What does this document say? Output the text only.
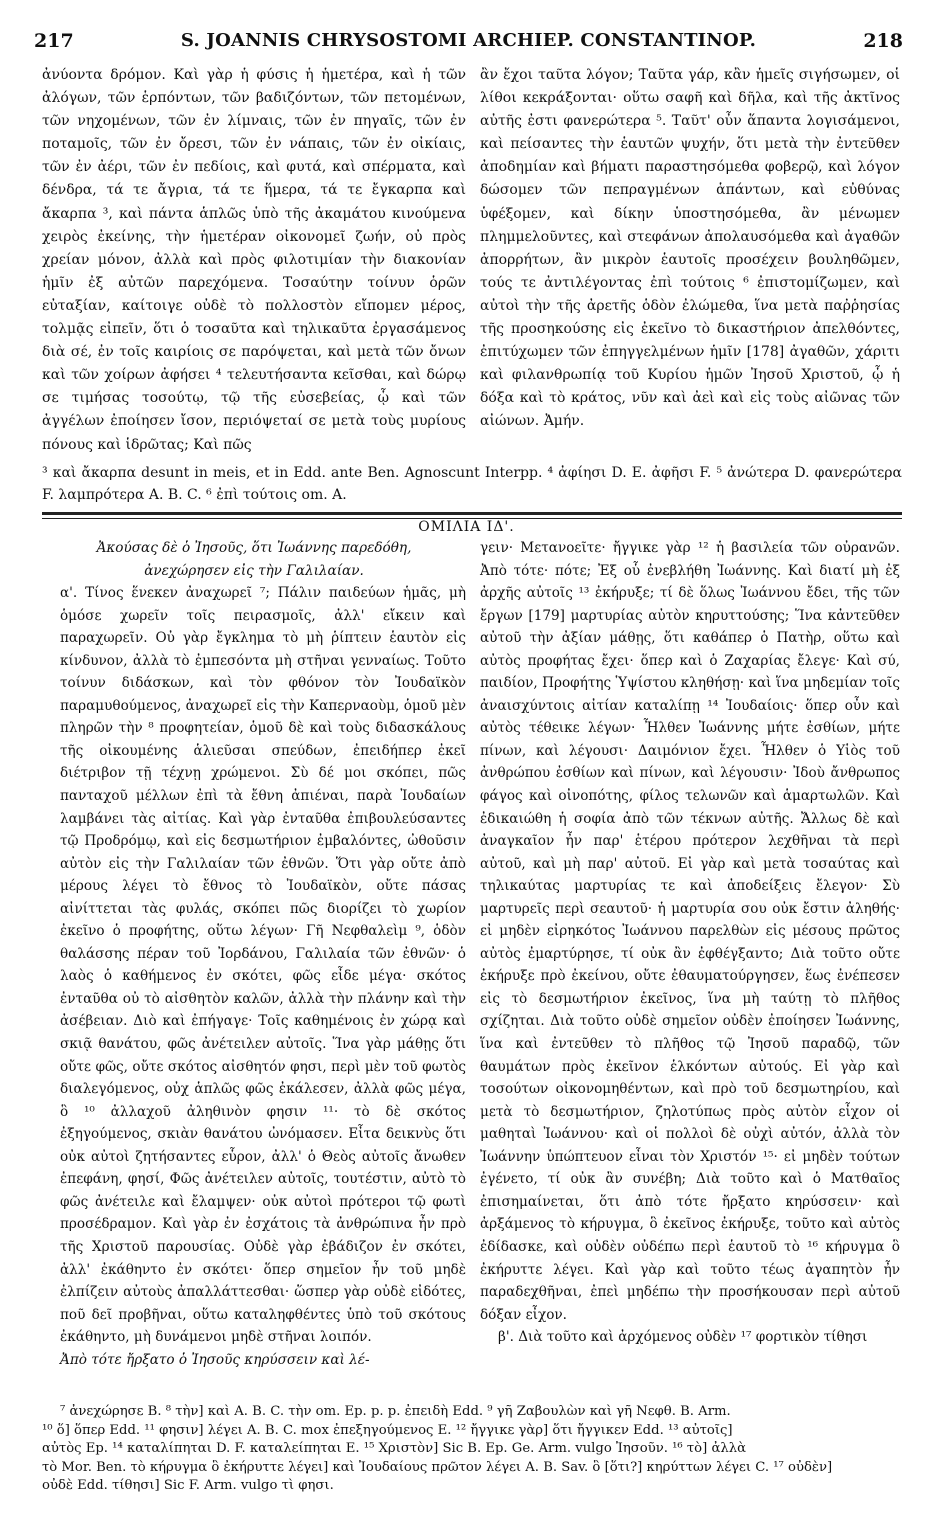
217	S. JOANNIS CHRYSOSTOMI ARCHIEP. CONSTANTINOP.	218

ἀνύοντα δρόμον. Καὶ γὰρ ἡ φύσις ἡ ἡμετέρα, καὶ ἡ τῶν ἀλόγων, τῶν ἑρπόντων, τῶν βαδιζόντων, τῶν πετομένων, τῶν νηχομένων, τῶν ἐν λίμναις, τῶν ἐν πηγαῖς, τῶν ἐν ποταμοῖς, τῶν ἐν ὄρεσι, τῶν ἐν νάπαις, τῶν ἐν οἰκίαις, τῶν ἐν ἀέρι, τῶν ἐν πεδίοις, καὶ φυτά, καὶ σπέρματα, καὶ δένδρα, τά τε ἄγρια, τά τε ἥμερα, τά τε ἔγκαρπα καὶ ἄκαρπα ³, καὶ πάντα ἁπλῶς ὑπὸ τῆς ἀκαμάτου κινούμενα χειρὸς ἐκείνης, τὴν ἡμετέραν οἰκονομεῖ ζωήν, οὐ πρὸς χρείαν μόνον, ἀλλὰ καὶ πρὸς φιλοτιμίαν τὴν διακονίαν ἡμῖν ἐξ αὐτῶν παρεχόμενα. Τοσαύτην τοίνυν ὁρῶν εὐταξίαν, καίτοιγε οὐδὲ τὸ πολλοστὸν εἴπομεν μέρος, τολμᾷς εἰπεῖν, ὅτι ὁ τοσαῦτα καὶ τηλικαῦτα ἐργασάμενος διὰ σέ, ἐν τοῖς καιρίοις σε παρόψεται, καὶ μετὰ τῶν ὄνων καὶ τῶν χοίρων ἀφήσει ⁴ τελευτήσαντα κεῖσθαι, καὶ δώρῳ σε τιμήσας τοσούτῳ, τῷ τῆς εὐσεβείας, ᾧ καὶ τῶν ἀγγέλων ἐποίησεν ἴσον, περιόψεταί σε μετὰ τοὺς μυρίους πόνους καὶ ἱδρῶτας; Καὶ πῶς

ἂν ἔχοι ταῦτα λόγον; Ταῦτα γάρ, κἂν ἡμεῖς σιγήσωμεν, οἱ λίθοι κεκράξονται· οὕτω σαφῆ καὶ δῆλα, καὶ τῆς ἀκτῖνος αὐτῆς ἐστι φανερώτερα ⁵. Ταῦτ' οὖν ἅπαντα λογισάμενοι, καὶ πείσαντες τὴν ἑαυτῶν ψυχήν, ὅτι μετὰ τὴν ἐντεῦθεν ἀποδημίαν καὶ βήματι παραστησόμεθα φοβερῷ, καὶ λόγον δώσομεν τῶν πεπραγμένων ἁπάντων, καὶ εὐθύνας ὑφέξομεν, καὶ δίκην ὑποστησόμεθα, ἂν μένωμεν πλημμελοῦντες, καὶ στεφάνων ἀπολαυσόμεθα καὶ ἀγαθῶν ἀπορρήτων, ἂν μικρὸν ἑαυτοῖς προσέχειν βουληθῶμεν, τούς τε ἀντιλέγοντας ἐπὶ τούτοις ⁶ ἐπιστομίζωμεν, καὶ αὐτοὶ τὴν τῆς ἀρετῆς ὁδὸν ἐλώμεθα, ἵνα μετὰ παῤῥησίας τῆς προσηκούσης εἰς ἐκεῖνο τὸ δικαστήριον ἀπελθόντες, ἐπιτύχωμεν τῶν ἐπηγγελμένων ἡμῖν [178] ἀγαθῶν, χάριτι καὶ φιλανθρωπίᾳ τοῦ Κυρίου ἡμῶν Ἰησοῦ Χριστοῦ, ᾧ ἡ δόξα καὶ τὸ κράτος, νῦν καὶ ἀεὶ καὶ εἰς τοὺς αἰῶνας τῶν αἰώνων. Ἀμήν.

³ καὶ ἄκαρπα desunt in meis, et in Edd. ante Ben. Agnoscunt Interpp. ⁴ ἀφίησι D. E. ἀφῆσι F. ⁵ ἀνώτερα D. φανερώτερα F. λαμπρότερα A. B. C. ⁶ ἐπὶ τούτοις om. A.
ΟΜΙΛΙΑ ΙΔ'.

Ἀκούσας δὲ ὁ Ἰησοῦς, ὅτι Ἰωάννης παρεδόθη, ἀνεχώρησεν εἰς τὴν Γαλιλαίαν.

α'. Τίνος ἕνεκεν ἀναχωρεῖ ⁷; Πάλιν παιδεύων ἡμᾶς, μὴ ὁμόσε χωρεῖν τοῖς πειρασμοῖς, ἀλλ' εἴκειν καὶ παραχωρεῖν. Οὐ γὰρ ἔγκλημα τὸ μὴ ῥίπτειν ἑαυτὸν εἰς κίνδυνον, ἀλλὰ τὸ ἐμπεσόντα μὴ στῆναι γενναίως. Τοῦτο τοίνυν διδάσκων, καὶ τὸν φθόνον τὸν Ἰουδαϊκὸν παραμυθούμενος, ἀναχωρεῖ εἰς τὴν Καπερναοὺμ, ὁμοῦ μὲν πληρῶν τὴν ⁸ προφητείαν, ὁμοῦ δὲ καὶ τοὺς διδασκάλους τῆς οἰκουμένης ἁλιεῦσαι σπεύδων, ἐπειδήπερ ἐκεῖ διέτριβον τῇ τέχνῃ χρώμενοι. Σὺ δέ μοι σκόπει, πῶς πανταχοῦ μέλλων ἐπὶ τὰ ἔθνη ἀπιέναι, παρὰ Ἰουδαίων λαμβάνει τὰς αἰτίας. Καὶ γὰρ ἐνταῦθα ἐπιβουλεύσαντες τῷ Προδρόμῳ, καὶ εἰς δεσμωτήριον ἐμβαλόντες, ὠθοῦσιν αὐτὸν εἰς τὴν Γαλιλαίαν τῶν ἐθνῶν. Ὅτι γὰρ οὔτε ἀπὸ μέρους λέγει τὸ ἔθνος τὸ Ἰουδαϊκὸν, οὔτε πάσας αἰνίττεται τὰς φυλάς, σκόπει πῶς διορίζει τὸ χωρίον ἐκεῖνο ὁ προφήτης, οὕτω λέγων· Γῆ Νεφθαλεὶμ ⁹, ὁδὸν θαλάσσης πέραν τοῦ Ἰορδάνου, Γαλιλαία τῶν ἐθνῶν· ὁ λαὸς ὁ καθήμενος ἐν σκότει, φῶς εἶδε μέγα· σκότος ἐνταῦθα οὐ τὸ αἰσθητὸν καλῶν, ἀλλὰ τὴν πλάνην καὶ τὴν ἀσέβειαν. Διὸ καὶ ἐπήγαγε· Τοῖς καθημένοις ἐν χώρᾳ καὶ σκιᾷ θανάτου, φῶς ἀνέτειλεν αὐτοῖς. Ἵνα γὰρ μάθῃς ὅτι οὔτε φῶς, οὔτε σκότος αἰσθητόν φησι, περὶ μὲν τοῦ φωτὸς διαλεγόμενος, οὐχ ἁπλῶς φῶς ἐκάλεσεν, ἀλλὰ φῶς μέγα, ὃ ¹⁰ ἀλλαχοῦ ἀληθινὸν φησιν ¹¹· τὸ δὲ σκότος ἐξηγούμενος, σκιὰν θανάτου ὠνόμασεν. Εἶτα δεικνὺς ὅτι οὐκ αὐτοὶ ζητήσαντες εὗρον, ἀλλ' ὁ Θεὸς αὐτοῖς ἄνωθεν ἐπεφάνη, φησί, Φῶς ἀνέτειλεν αὐτοῖς, τουτέστιν, αὐτὸ τὸ φῶς ἀνέτειλε καὶ ἔλαμψεν· οὐκ αὐτοὶ πρότεροι τῷ φωτὶ προσέδραμον. Καὶ γὰρ ἐν ἐσχάτοις τὰ ἀνθρώπινα ἦν πρὸ τῆς Χριστοῦ παρουσίας. Οὐδὲ γὰρ ἐβάδιζον ἐν σκότει, ἀλλ' ἐκάθηντο ἐν σκότει· ὅπερ σημεῖον ἦν τοῦ μηδὲ ἐλπίζειν αὐτοὺς ἀπαλλάττεσθαι· ὥσπερ γὰρ οὐδὲ εἰδότες, ποῦ δεῖ προβῆναι, οὕτω καταληφθέντες ὑπὸ τοῦ σκότους ἐκάθηντο, μὴ δυνάμενοι μηδὲ στῆναι λοιπόν.

Ἀπὸ τότε ἤρξατο ὁ Ἰησοῦς κηρύσσειν καὶ λέ-

γειν· Μετανοεῖτε· ἤγγικε γὰρ ¹² ἡ βασιλεία τῶν οὐρανῶν. Ἀπὸ τότε· πότε; Ἐξ οὗ ἐνεβλήθη Ἰωάννης. Καὶ διατί μὴ ἐξ ἀρχῆς αὐτοῖς ¹³ ἐκήρυξε; τί δὲ ὅλως Ἰωάννου ἔδει, τῆς τῶν ἔργων [179] μαρτυρίας αὐτὸν κηρυττούσης; Ἵνα κἀντεῦθεν αὐτοῦ τὴν ἀξίαν μάθῃς, ὅτι καθάπερ ὁ Πατὴρ, οὕτω καὶ αὐτὸς προφήτας ἔχει· ὅπερ καὶ ὁ Ζαχαρίας ἔλεγε· Καὶ σύ, παιδίον, Προφήτης Ὑψίστου κληθήσῃ· καὶ ἵνα μηδεμίαν τοῖς ἀναισχύντοις αἰτίαν καταλίπῃ ¹⁴ Ἰουδαίοις· ὅπερ οὖν καὶ αὐτὸς τέθεικε λέγων· Ἦλθεν Ἰωάννης μήτε ἐσθίων, μήτε πίνων, καὶ λέγουσι· Δαιμόνιον ἔχει. Ἦλθεν ὁ Υἱὸς τοῦ ἀνθρώπου ἐσθίων καὶ πίνων, καὶ λέγουσιν· Ἰδοὺ ἄνθρωπος φάγος καὶ οἰνοπότης, φίλος τελωνῶν καὶ ἁμαρτωλῶν. Καὶ ἐδικαιώθη ἡ σοφία ἀπὸ τῶν τέκνων αὐτῆς. Ἄλλως δὲ καὶ ἀναγκαῖον ἦν παρ' ἑτέρου πρότερον λεχθῆναι τὰ περὶ αὐτοῦ, καὶ μὴ παρ' αὐτοῦ. Εἰ γὰρ καὶ μετὰ τοσαύτας καὶ τηλικαύτας μαρτυρίας τε καὶ ἀποδείξεις ἔλεγον· Σὺ μαρτυρεῖς περὶ σεαυτοῦ· ἡ μαρτυρία σου οὐκ ἔστιν ἀληθής· εἰ μηδὲν εἰρηκότος Ἰωάννου παρελθὼν εἰς μέσους πρῶτος αὐτὸς ἐμαρτύρησε, τί οὐκ ἂν ἐφθέγξαντο; Διὰ τοῦτο οὔτε ἐκήρυξε πρὸ ἐκείνου, οὔτε ἐθαυματούργησεν, ἕως ἐνέπεσεν εἰς τὸ δεσμωτήριον ἐκεῖνος, ἵνα μὴ ταύτῃ τὸ πλῆθος σχίζηται. Διὰ τοῦτο οὐδὲ σημεῖον οὐδὲν ἐποίησεν Ἰωάννης, ἵνα καὶ ἐντεῦθεν τὸ πλῆθος τῷ Ἰησοῦ παραδῷ, τῶν θαυμάτων πρὸς ἐκεῖνον ἑλκόντων αὐτούς. Εἰ γὰρ καὶ τοσούτων οἰκονομηθέντων, καὶ πρὸ τοῦ δεσμωτηρίου, καὶ μετὰ τὸ δεσμωτήριον, ζηλοτύπως πρὸς αὐτὸν εἶχον οἱ μαθηταὶ Ἰωάννου· καὶ οἱ πολλοὶ δὲ οὐχὶ αὐτόν, ἀλλὰ τὸν Ἰωάννην ὑπώπτευον εἶναι τὸν Χριστόν ¹⁵· εἰ μηδὲν τούτων ἐγένετο, τί οὐκ ἂν συνέβη; Διὰ τοῦτο καὶ ὁ Ματθαῖος ἐπισημαίνεται, ὅτι ἀπὸ τότε ἤρξατο κηρύσσειν· καὶ ἀρξάμενος τὸ κήρυγμα, ὃ ἐκεῖνος ἐκήρυξε, τοῦτο καὶ αὐτὸς ἐδίδασκε, καὶ οὐδὲν οὐδέπω περὶ ἑαυτοῦ τὸ ¹⁶ κήρυγμα ὃ ἐκήρυττε λέγει. Καὶ γὰρ καὶ τοῦτο τέως ἀγαπητὸν ἦν παραδεχθῆναι, ἐπεὶ μηδέπω τὴν προσήκουσαν περὶ αὐτοῦ δόξαν εἶχον.

β'. Διὰ τοῦτο καὶ ἀρχόμενος οὐδὲν ¹⁷ φορτικὸν τίθησι

⁷ ἀνεχώρησε B. ⁸ τὴν] καὶ A. B. C. τὴν om. Ep. p. p. ἐπειδὴ Edd. ⁹ γῆ Ζαβουλὼν καὶ γῆ Νεφθ. B. Arm.

¹⁰ ὅ] ὅπερ Edd. ¹¹ φησιν] λέγει A. B. C. mox ἐπεξηγούμενος E. ¹² ἤγγικε γὰρ] ὅτι ἤγγικεν Edd. ¹³ αὐτοῖς]

αὐτὸς Ep. ¹⁴ καταλίπηται D. F. καταλείπηται E. ¹⁵ Χριστὸν] Sic B. Ep. Ge. Arm. vulgo Ἰησοῦν. ¹⁶ τὸ] ἀλλὰ

τὸ Mor. Ben. τὸ κήρυγμα ὃ ἐκήρυττε λέγει] καὶ Ἰουδαίους πρῶτον λέγει A. B. Sav. ὃ [ὅτι?] κηρύττων λέγει C. ¹⁷ οὐδὲν]

οὐδὲ Edd. τίθησι] Sic F. Arm. vulgo τὶ φησι.
